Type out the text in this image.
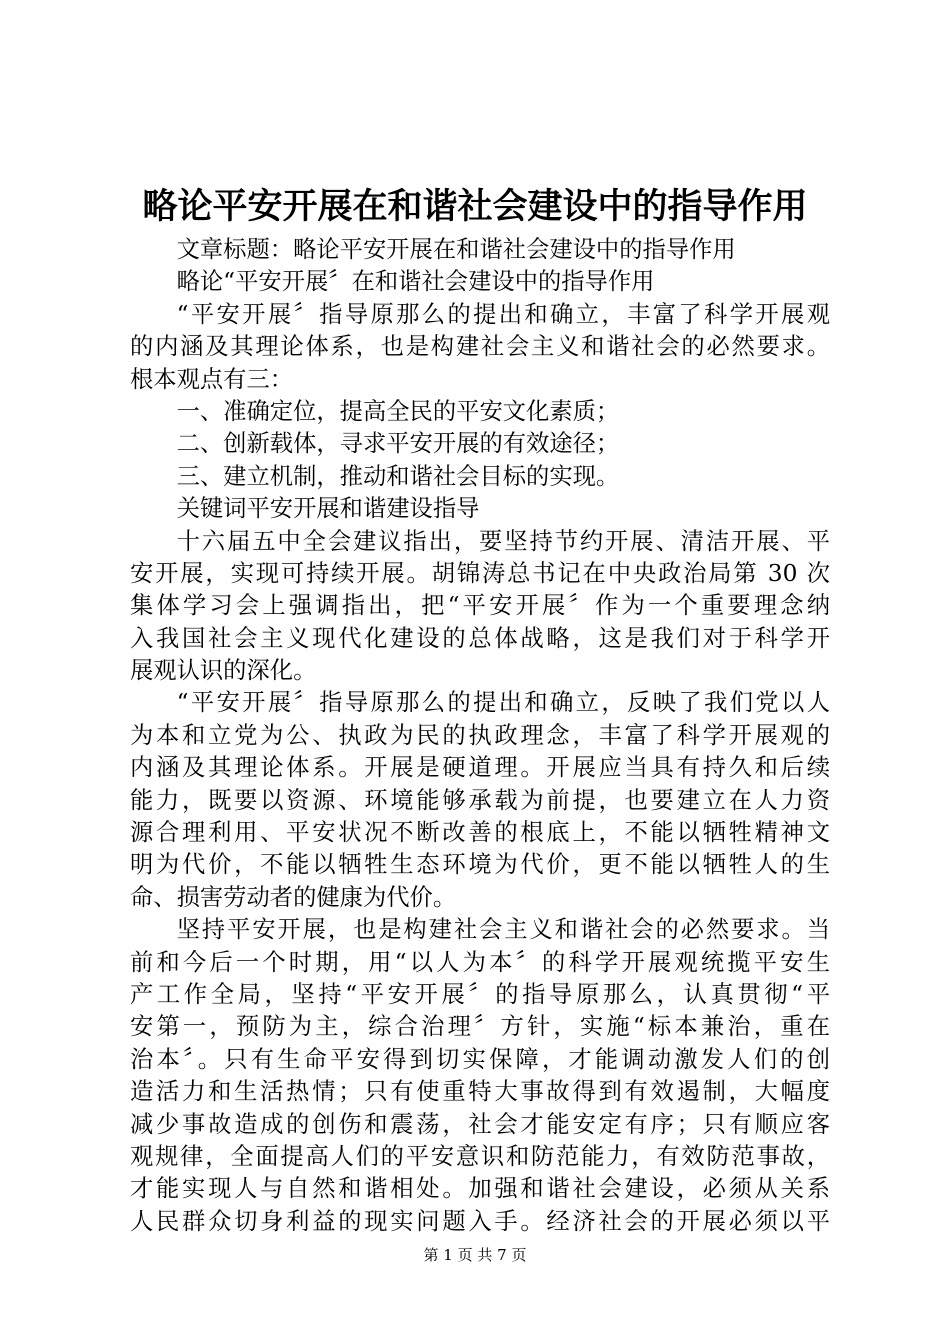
略论平安开展在和谐社会建设中的指导作用
文章标题：略论平安开展在和谐社会建设中的指导作用
略论“平安开展〞在和谐社会建设中的指导作用
“平安开展〞指导原那么的提出和确立，丰富了科学开展观
的内涵及其理论体系，也是构建社会主义和谐社会的必然要求。
根本观点有三：
一、准确定位，提高全民的平安文化素质；
二、创新载体，寻求平安开展的有效途径；
三、建立机制，推动和谐社会目标的实现。
关键词平安开展和谐建设指导
十六届五中全会建议指出，要坚持节约开展、清洁开展、平
安开展，实现可持续开展。胡锦涛总书记在中央政治局第 30 次
集体学习会上强调指出，把“平安开展〞作为一个重要理念纳
入我国社会主义现代化建设的总体战略，这是我们对于科学开
展观认识的深化。
“平安开展〞指导原那么的提出和确立，反映了我们党以人
为本和立党为公、执政为民的执政理念，丰富了科学开展观的
内涵及其理论体系。开展是硬道理。开展应当具有持久和后续
能力，既要以资源、环境能够承载为前提，也要建立在人力资
源合理利用、平安状况不断改善的根底上，不能以牺牲精神文
明为代价，不能以牺牲生态环境为代价，更不能以牺牲人的生
命、损害劳动者的健康为代价。
坚持平安开展，也是构建社会主义和谐社会的必然要求。当
前和今后一个时期，用“以人为本〞的科学开展观统揽平安生
产工作全局，坚持“平安开展〞的指导原那么，认真贯彻“平
安第一，预防为主，综合治理〞方针，实施“标本兼治，重在
治本〞。只有生命平安得到切实保障，才能调动激发人们的创
造活力和生活热情；只有使重特大事故得到有效遏制，大幅度
减少事故造成的创伤和震荡，社会才能安定有序；只有顺应客
观规律，全面提高人们的平安意识和防范能力，有效防范事故，
才能实现人与自然和谐相处。加强和谐社会建设，必须从关系
人民群众切身利益的现实问题入手。经济社会的开展必须以平
第 1 页 共 7 页
